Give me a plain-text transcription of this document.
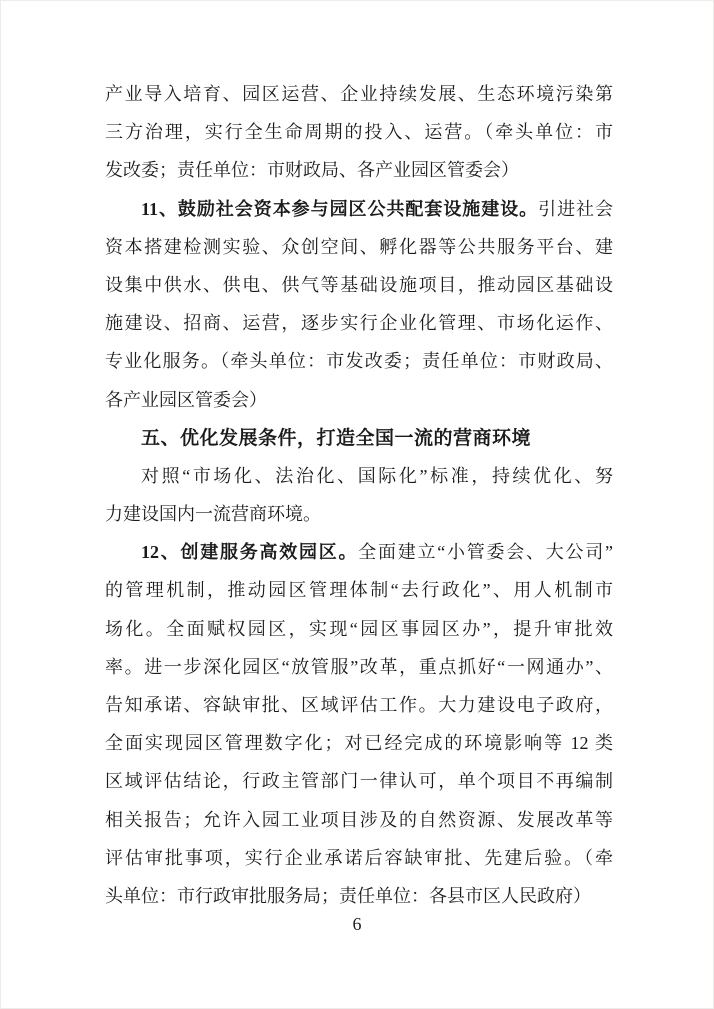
产业导入培育、园区运营、企业持续发展、生态环境污染第
三方治理，实行全生命周期的投入、运营。（牵头单位：市
发改委；责任单位：市财政局、各产业园区管委会）
11、鼓励社会资本参与园区公共配套设施建设。引进社会
资本搭建检测实验、众创空间、孵化器等公共服务平台、建
设集中供水、供电、供气等基础设施项目，推动园区基础设
施建设、招商、运营，逐步实行企业化管理、市场化运作、
专业化服务。（牵头单位：市发改委；责任单位：市财政局、
各产业园区管委会）
五、优化发展条件，打造全国一流的营商环境
对照“市场化、法治化、国际化”标准，持续优化、努
力建设国内一流营商环境。
12、创建服务高效园区。全面建立“小管委会、大公司”
的管理机制，推动园区管理体制“去行政化”、用人机制市
场化。全面赋权园区，实现“园区事园区办”，提升审批效
率。进一步深化园区“放管服”改革，重点抓好“一网通办”、
告知承诺、容缺审批、区域评估工作。大力建设电子政府，
全面实现园区管理数字化；对已经完成的环境影响等 12 类
区域评估结论，行政主管部门一律认可，单个项目不再编制
相关报告；允许入园工业项目涉及的自然资源、发展改革等
评估审批事项，实行企业承诺后容缺审批、先建后验。（牵
头单位：市行政审批服务局；责任单位：各县市区人民政府）
6
